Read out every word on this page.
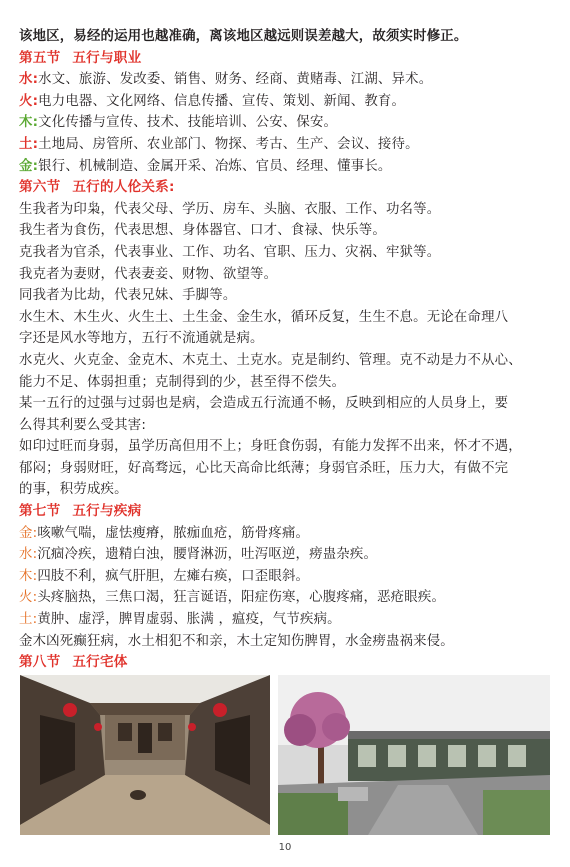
该地区，易经的运用也越准确，离该地区越远则误差越大，故须实时修正。
第五节 五行与职业
水:水文、旅游、发改委、销售、财务、经商、黄赌毒、江湖、异术。
火:电力电器、文化网络、信息传播、宣传、策划、新闻、教育。
木:文化传播与宣传、技术、技能培训、公安、保安。
土:土地局、房管所、农业部门、物探、考古、生产、会议、接待。
金:银行、机械制造、金属开采、冶炼、官员、经理、懂事长。
第六节 五行的人伦关系:
生我者为印枭，代表父母、学历、房车、头脑、衣服、工作、功名等。
我生者为食伤，代表思想、身体器官、口才、食禄、快乐等。
克我者为官杀，代表事业、工作、功名、官职、压力、灾祸、牢狱等。
我克者为妻财，代表妻妾、财物、欲望等。
同我者为比劫，代表兄妹、手脚等。
水生木、木生火、火生土、土生金、金生水，循环反复，生生不息。无论在命理八
字还是风水等地方，五行不流通就是病。
水克火、火克金、金克木、木克土、土克水。克是制约、管理。克不动是力不从心、
能力不足、体弱担重；克制得到的少，甚至得不偿失。
某一五行的过强与过弱也是病，会造成五行流通不畅，反映到相应的人员身上，要
么得其利要么受其害:
如印过旺而身弱，虽学历高但用不上；身旺食伤弱，有能力发挥不出来，怀才不遇，
郁闷；身弱财旺，好高骛远，心比天高命比纸薄；身弱官杀旺，压力大，有做不完
的事，积劳成疾。
第七节 五行与疾病
金:咳嗽气喘，虚怯瘦瘠，脓痂血疮，筋骨疼痛。
水:沉痼冷疾，遗精白浊，腰肾淋沥，吐泻呕逆，痨蛊杂疾。
木:四肢不利，疯气肝胆，左瘫右痪，口歪眼斜。
火:头疼脑热，三焦口渴，狂言诞语，阳症伤寒，心腹疼痛，恶疮眼疾。
土:黄肿、虚浮，脾胃虚弱、胀满 ，瘟疫，气节疾病。
金木凶死癫狂病，水土相犯不和亲，木土定知伤脾胃，水金痨蛊祸来侵。
第八节 五行宅体
10
